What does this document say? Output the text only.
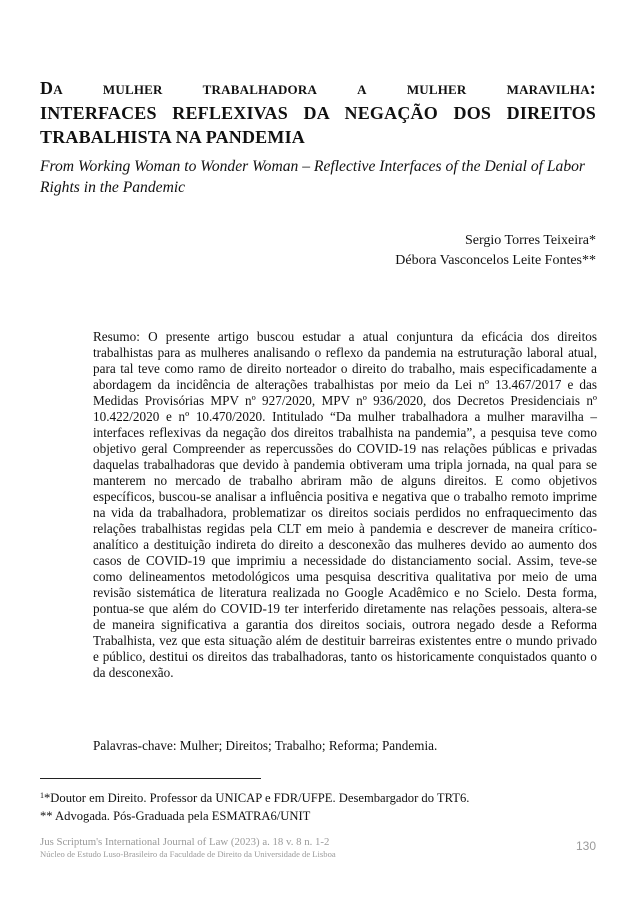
Da mulher trabalhadora a mulher maravilha:
INTERFACES REFLEXIVAS DA NEGAÇÃO DOS DIREITOS
TRABALHISTA NA PANDEMIA
From Working Woman to Wonder Woman – Reflective Interfaces of the Denial of Labor Rights in the Pandemic
Sergio Torres Teixeira*
Débora Vasconcelos Leite Fontes**
Resumo: O presente artigo buscou estudar a atual conjuntura da eficácia dos direitos trabalhistas para as mulheres analisando o reflexo da pandemia na estruturação laboral atual, para tal teve como ramo de direito norteador o direito do trabalho, mais especificadamente a abordagem da incidência de alterações trabalhistas por meio da Lei nº 13.467/2017 e das Medidas Provisórias MPV nº 927/2020, MPV nº 936/2020, dos Decretos Presidenciais nº 10.422/2020 e nº 10.470/2020. Intitulado “Da mulher trabalhadora a mulher maravilha – interfaces reflexivas da negação dos direitos trabalhista na pandemia”, a pesquisa teve como objetivo geral Compreender as repercussões do COVID-19 nas relações públicas e privadas daquelas trabalhadoras que devido à pandemia obtiveram uma tripla jornada, na qual para se manterem no mercado de trabalho abriram mão de alguns direitos. E como objetivos específicos, buscou-se analisar a influência positiva e negativa que o trabalho remoto imprime na vida da trabalhadora, problematizar os direitos sociais perdidos no enfraquecimento das relações trabalhistas regidas pela CLT em meio à pandemia e descrever de maneira crítico-analítico a destituição indireta do direito a desconexão das mulheres devido ao aumento dos casos de COVID-19 que imprimiu a necessidade do distanciamento social. Assim, teve-se como delineamentos metodológicos uma pesquisa descritiva qualitativa por meio de uma revisão sistemática de literatura realizada no Google Acadêmico e no Scielo. Desta forma, pontua-se que além do COVID-19 ter interferido diretamente nas relações pessoais, altera-se de maneira significativa a garantia dos direitos sociais, outrora negado desde a Reforma Trabalhista, vez que esta situação além de destituir barreiras existentes entre o mundo privado e público, destitui os direitos das trabalhadoras, tanto os historicamente conquistados quanto o da desconexão.
Palavras-chave: Mulher; Direitos; Trabalho; Reforma; Pandemia.
$^1$*Doutor em Direito. Professor da UNICAP e FDR/UFPE. Desembargador do TRT6.
** Advogada. Pós-Graduada pela ESMATRA6/UNIT
Jus Scriptum's International Journal of Law (2023) a. 18 v. 8 n. 1-2
Núcleo de Estudo Luso-Brasileiro da Faculdade de Direito da Universidade de Lisboa
130
